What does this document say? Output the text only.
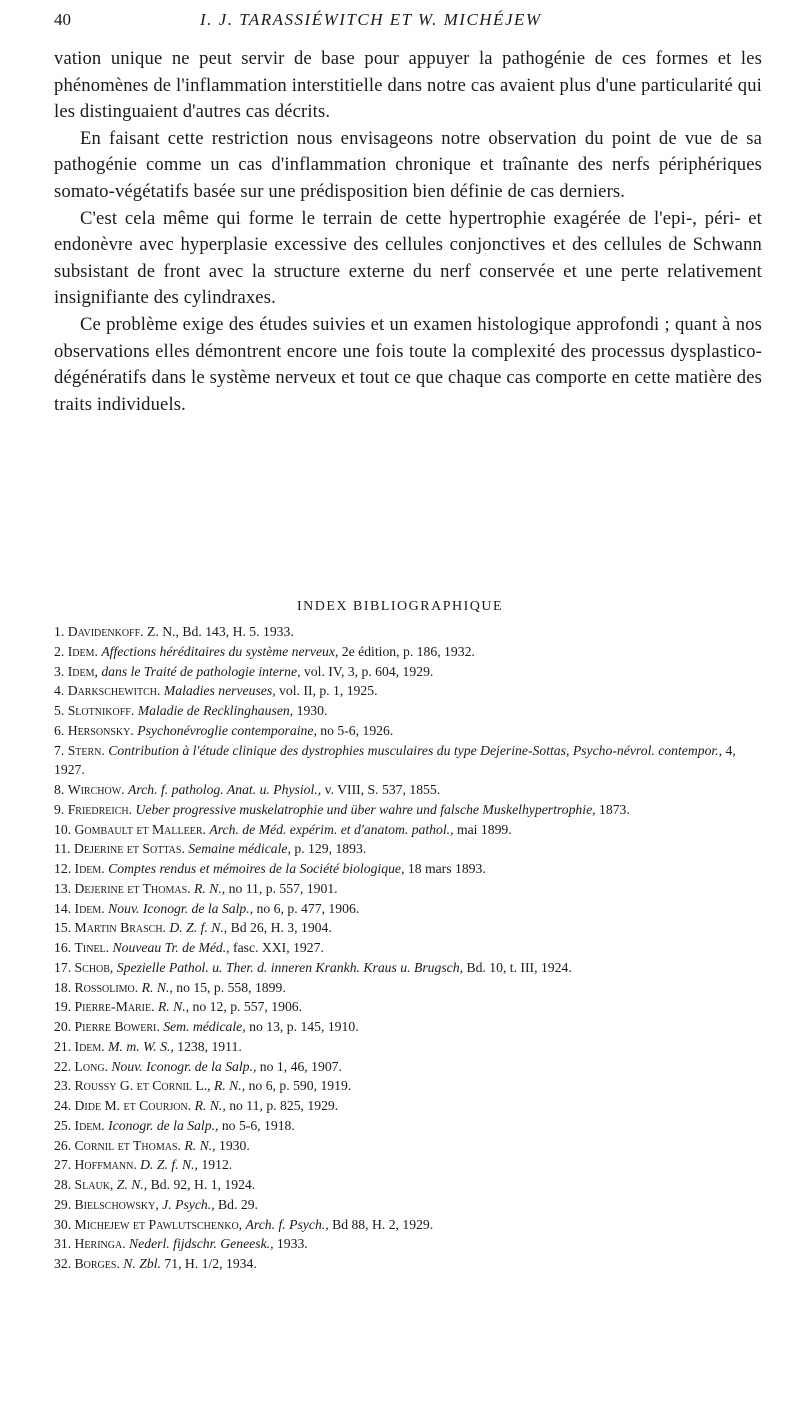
40	I. J. TARASSIÉWITCH ET W. MICHÉJEW

vation unique ne peut servir de base pour appuyer la pathogénie de ces formes et les phénomènes de l'inflammation interstitielle dans notre cas avaient plus d'une particularité qui les distinguaient d'autres cas décrits.

En faisant cette restriction nous envisageons notre observation du point de vue de sa pathogénie comme un cas d'inflammation chronique et traînante des nerfs périphériques somato-végétatifs basée sur une prédisposition bien définie de cas derniers.

C'est cela même qui forme le terrain de cette hypertrophie exagérée de l'epi-, péri- et endonèvre avec hyperplasie excessive des cellules conjonctives et des cellules de Schwann subsistant de front avec la structure externe du nerf conservée et une perte relativement insignifiante des cylindraxes.

Ce problème exige des études suivies et un examen histologique approfondi ; quant à nos observations elles démontrent encore une fois toute la complexité des processus dysplastico-dégénératifs dans le système nerveux et tout ce que chaque cas comporte en cette matière des traits individuels.

INDEX BIBLIOGRAPHIQUE

1. Davidenkoff. Z. N., Bd. 143, H. 5. 1933.

2. Idem. Affections héréditaires du système nerveux, 2e édition, p. 186, 1932.

3. Idem, dans le Traité de pathologie interne, vol. IV, 3, p. 604, 1929.

4. Darkschewitch. Maladies nerveuses, vol. II, p. 1, 1925.

5. Slotnikoff. Maladie de Recklinghausen, 1930.

6. Hersonsky. Psychonévroglie contemporaine, no 5-6, 1926.

7. Stern. Contribution à l'étude clinique des dystrophies musculaires du type Dejerine-Sottas, Psycho-névrol. contempor., 4, 1927.

8. Wirchow. Arch. f. patholog. Anat. u. Physiol., v. VIII, S. 537, 1855.

9. Friedreich. Ueber progressive muskelatrophie und über wahre und falsche Muskelhypertrophie, 1873.

10. Gombault et Malleer. Arch. de Méd. expérim. et d'anatom. pathol., mai 1899.

11. Dejerine et Sottas. Semaine médicale, p. 129, 1893.

12. Idem. Comptes rendus et mémoires de la Société biologique, 18 mars 1893.

13. Dejerine et Thomas. R. N., no 11, p. 557, 1901.

14. Idem. Nouv. Iconogr. de la Salp., no 6, p. 477, 1906.

15. Martin Brasch. D. Z. f. N., Bd 26, H. 3, 1904.

16. Tinel. Nouveau Tr. de Méd., fasc. XXI, 1927.

17. Schob, Spezielle Pathol. u. Ther. d. inneren Krankh. Kraus u. Brugsch, Bd. 10, t. III, 1924.

18. Rossolimo. R. N., no 15, p. 558, 1899.

19. Pierre-Marie. R. N., no 12, p. 557, 1906.

20. Pierre Boweri. Sem. médicale, no 13, p. 145, 1910.

21. Idem. M. m. W. S., 1238, 1911.

22. Long. Nouv. Iconogr. de la Salp., no 1, 46, 1907.

23. Roussy G. et Cornil L., R. N., no 6, p. 590, 1919.

24. Dide M. et Courjon. R. N., no 11, p. 825, 1929.

25. Idem. Iconogr. de la Salp., no 5-6, 1918.

26. Cornil et Thomas. R. N., 1930.

27. Hoffmann. D. Z. f. N., 1912.

28. Slauk, Z. N., Bd. 92, H. 1, 1924.

29. Bielschowsky, J. Psych., Bd. 29.

30. Michejew et Pawlutschenko, Arch. f. Psych., Bd 88, H. 2, 1929.

31. Heringa. Nederl. fijdschr. Geneesk., 1933.

32. Borges. N. Zbl. 71, H. 1/2, 1934.
